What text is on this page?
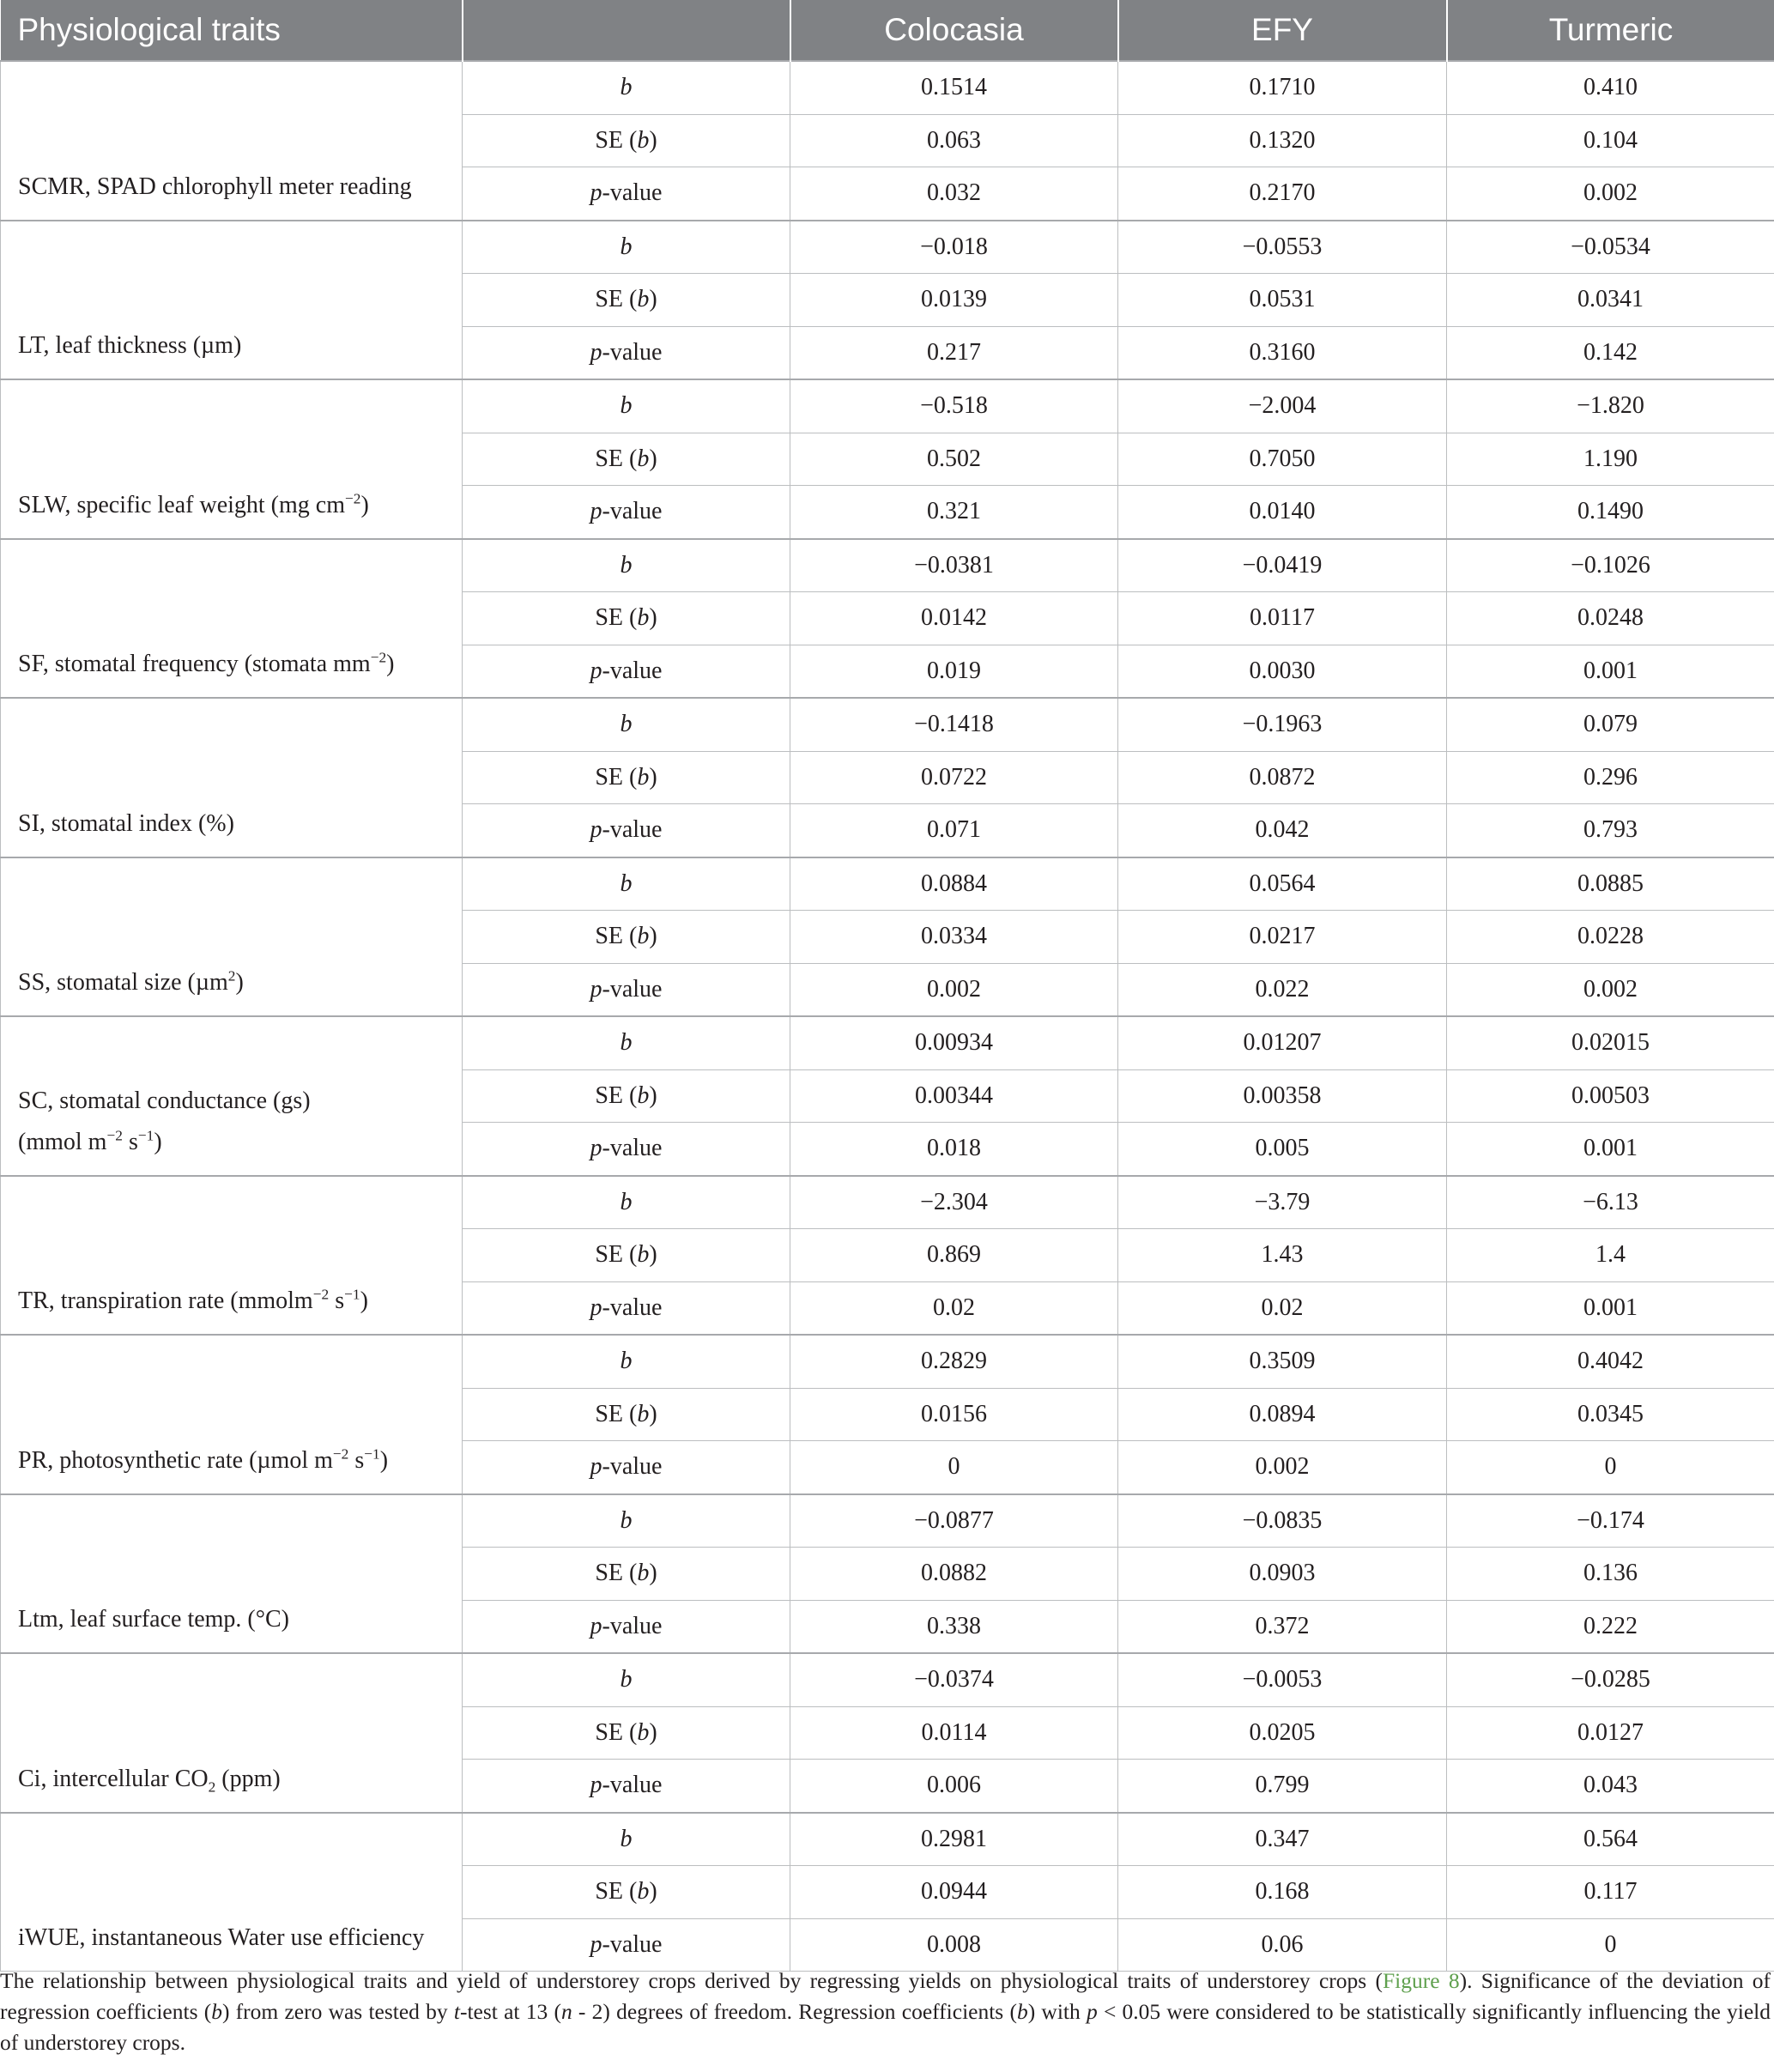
Physiological traits		Colocasia	EFY	Turmeric
SCMR, SPAD chlorophyll meter reading	b	0.1514	0.1710	0.410
	SE (b)	0.063	0.1320	0.104
	p-value	0.032	0.2170	0.002
LT, leaf thickness (µm)	b	−0.018	−0.0553	−0.0534
	SE (b)	0.0139	0.0531	0.0341
	p-value	0.217	0.3160	0.142
SLW, specific leaf weight (mg $cm^{-2}$)	b	−0.518	−2.004	−1.820
	SE (b)	0.502	0.7050	1.190
	p-value	0.321	0.0140	0.1490
SF, stomatal frequency (stomata $mm^{-2}$)	b	−0.0381	−0.0419	−0.1026
	SE (b)	0.0142	0.0117	0.0248
	p-value	0.019	0.0030	0.001
SI, stomatal index (%)	b	−0.1418	−0.1963	0.079
	SE (b)	0.0722	0.0872	0.296
	p-value	0.071	0.042	0.793
SS, stomatal size (µm$^2$)	b	0.0884	0.0564	0.0885
	SE (b)	0.0334	0.0217	0.0228
	p-value	0.002	0.022	0.002
SC, stomatal conductance (gs)
(mmol $m^{-2}$ $s^{-1}$)	b	0.00934	0.01207	0.02015
	SE (b)	0.00344	0.00358	0.00503
	p-value	0.018	0.005	0.001
TR, transpiration rate (mmolm$^{-2}$ $s^{-1}$)	b	−2.304	−3.79	−6.13
	SE (b)	0.869	1.43	1.4
	p-value	0.02	0.02	0.001
PR, photosynthetic rate (µmol $m^{-2}$ $s^{-1}$)	b	0.2829	0.3509	0.4042
	SE (b)	0.0156	0.0894	0.0345
	p-value	0	0.002	0
Ltm, leaf surface temp. (°C)	b	−0.0877	−0.0835	−0.174
	SE (b)	0.0882	0.0903	0.136
	p-value	0.338	0.372	0.222
Ci, intercellular $CO_2$ (ppm)	b	−0.0374	−0.0053	−0.0285
	SE (b)	0.0114	0.0205	0.0127
	p-value	0.006	0.799	0.043
iWUE, instantaneous Water use efficiency	b	0.2981	0.347	0.564
	SE (b)	0.0944	0.168	0.117
	p-value	0.008	0.06	0
The relationship between physiological traits and yield of understorey crops derived by regressing yields on physiological traits of understorey crops (Figure 8). Significance of the deviation of regression coefficients (b) from zero was tested by t-test at 13 (n - 2) degrees of freedom. Regression coefficients (b) with p < 0.05 were considered to be statistically significantly influencing the yield of understorey crops.
